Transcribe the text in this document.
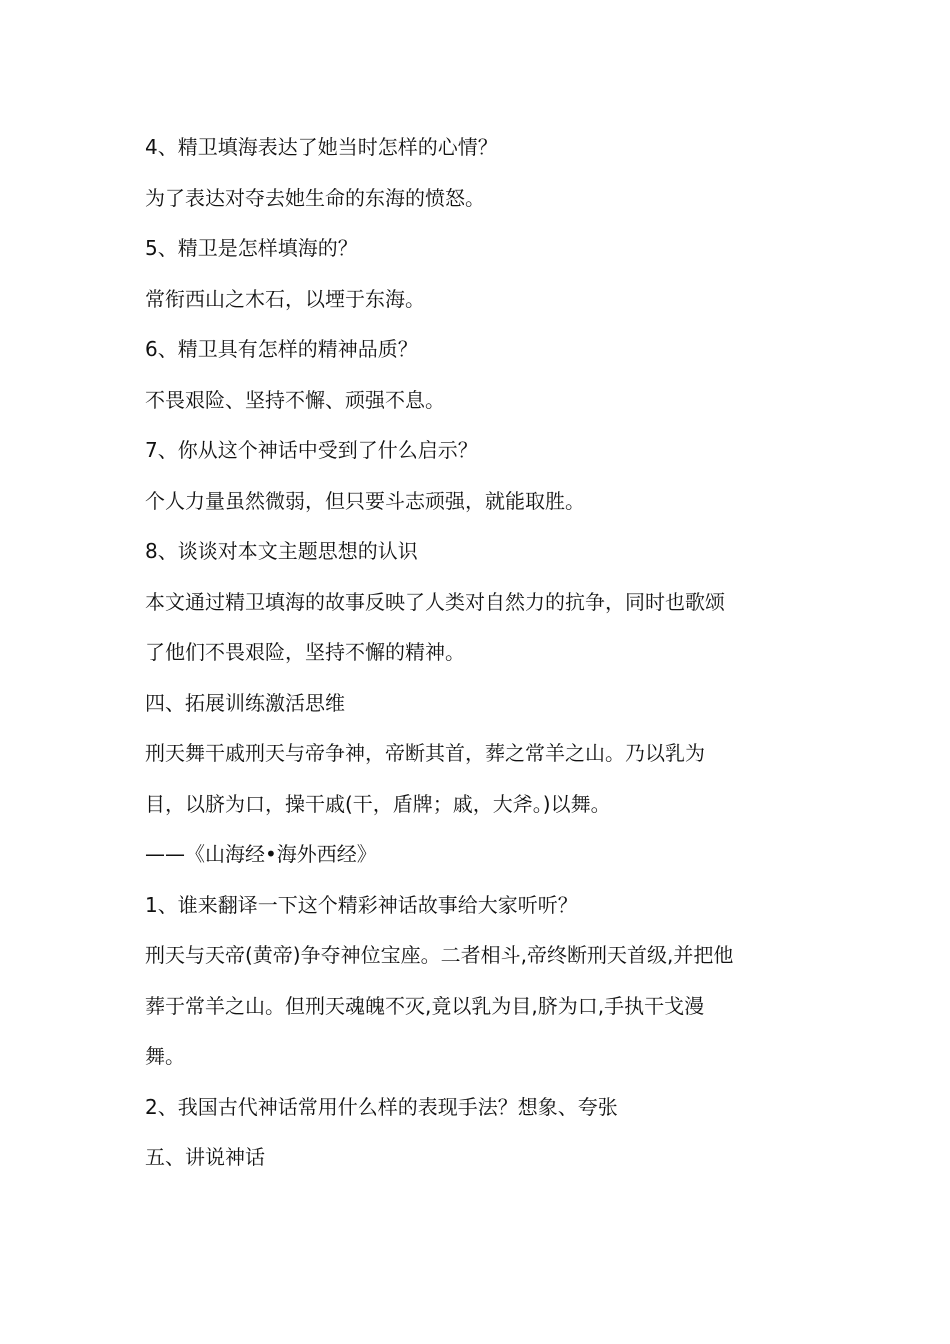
4、精卫填海表达了她当时怎样的心情？
为了表达对夺去她生命的东海的愤怒。
5、精卫是怎样填海的？
常衔西山之木石，以堙于东海。
6、精卫具有怎样的精神品质？
不畏艰险、坚持不懈、顽强不息。
7、你从这个神话中受到了什么启示？
个人力量虽然微弱，但只要斗志顽强，就能取胜。
8、谈谈对本文主题思想的认识
本文通过精卫填海的故事反映了人类对自然力的抗争，同时也歌颂
了他们不畏艰险，坚持不懈的精神。
四、拓展训练激活思维
刑天舞干戚刑天与帝争神，帝断其首，葬之常羊之山。乃以乳为
目，以脐为口，操干戚(干，盾牌；戚，大斧。)以舞。
——《山海经•海外西经》
1、谁来翻译一下这个精彩神话故事给大家听听？
刑天与天帝(黄帝)争夺神位宝座。二者相斗,帝终断刑天首级,并把他
葬于常羊之山。但刑天魂魄不灭,竟以乳为目,脐为口,手执干戈漫
舞。
2、我国古代神话常用什么样的表现手法？想象、夸张
五、讲说神话
